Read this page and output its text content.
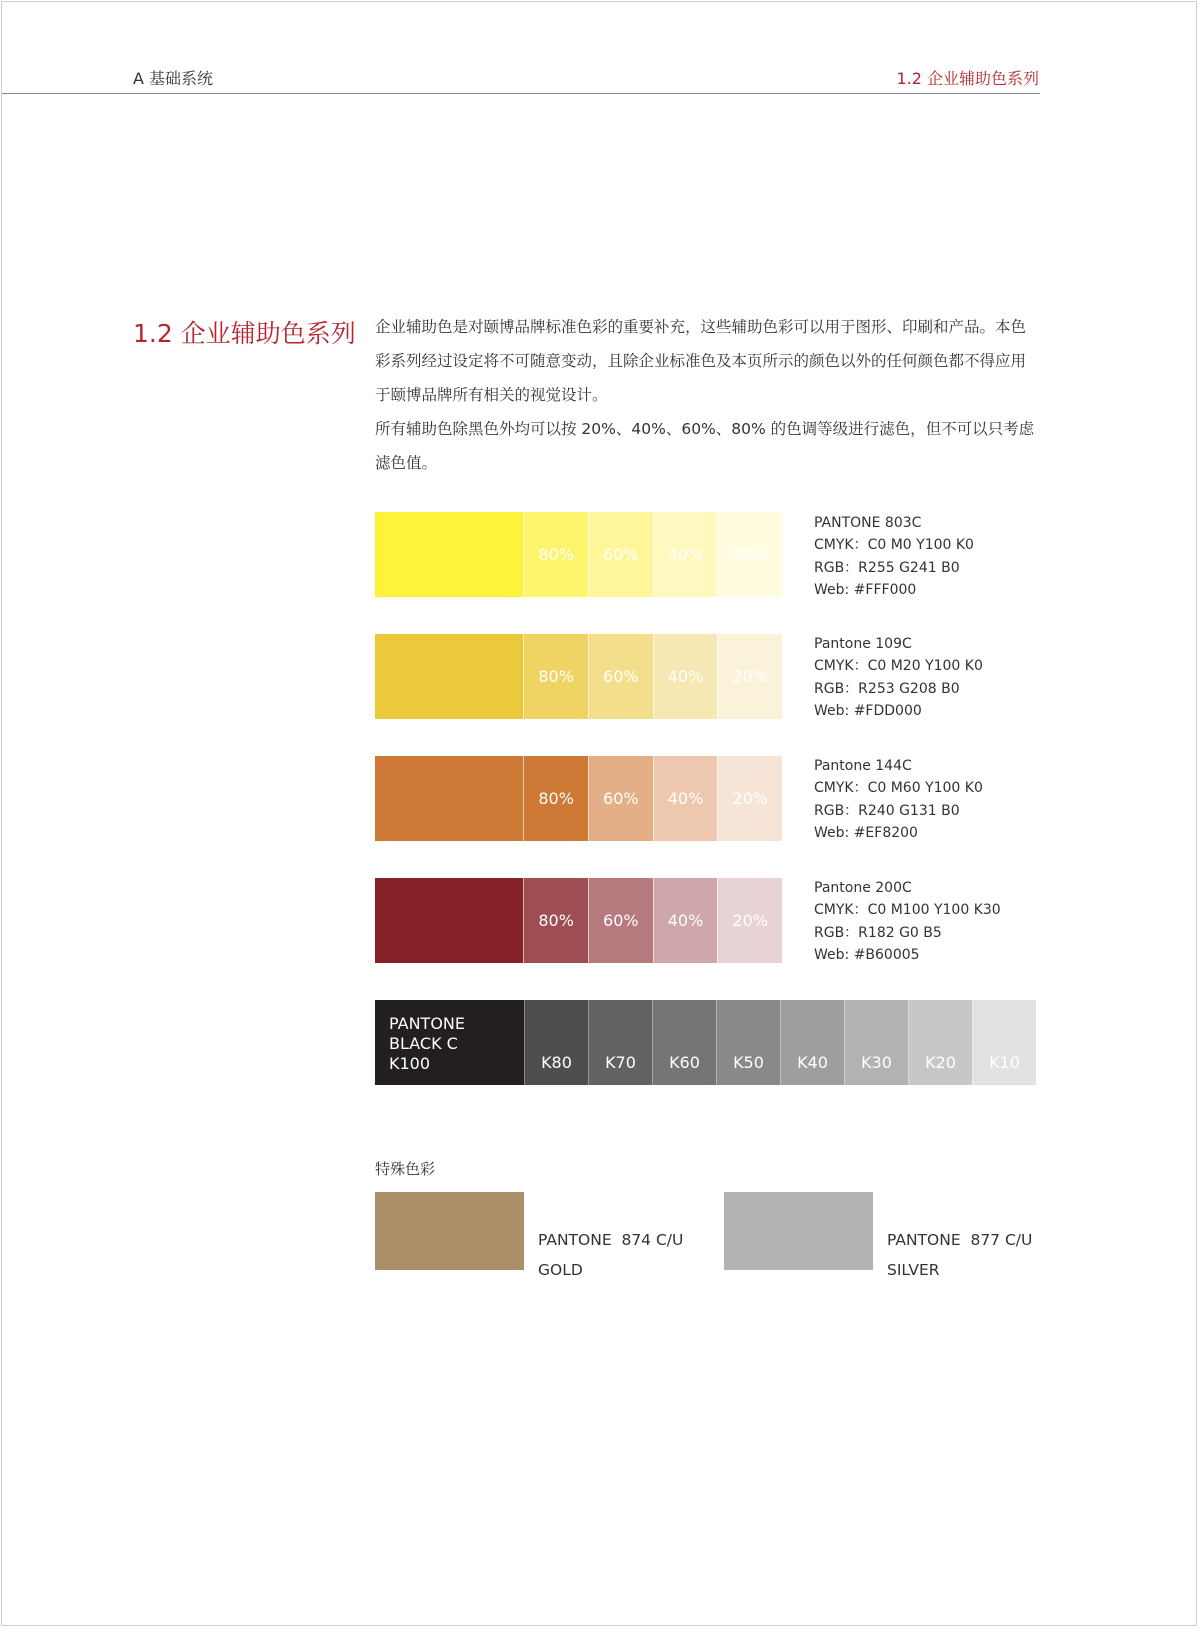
A 基础系统	1.2 企业辅助色系列
1.2 企业辅助色系列 企业辅助色是对颐博品牌标准色彩的重要补充，这些辅助色彩可以用于图形、印刷和产品。本色彩系列经过设定将不可随意变动，且除企业标准色及本页所示的颜色以外的任何颜色都不得应用于颐博品牌所有相关的视觉设计。

所有辅助色除黑色外均可以按 20%、40%、60%、80% 的色调等级进行滤色，但不可以只考虑滤色值。

80%	60%	40%	20%
PANTONE 803C
CMYK：C0 M0 Y100 K0
RGB：R255 G241 B0
Web: #FFF000
80%	60%	40%	20%
Pantone 109C
CMYK：C0 M20 Y100 K0
RGB：R253 G208 B0
Web: #FDD000
80%	60%	40%	20%
Pantone 144C
CMYK：C0 M60 Y100 K0
RGB：R240 G131 B0
Web: #EF8200
80%	60%	40%	20%
Pantone 200C
CMYK：C0 M100 Y100 K30
RGB：R182 G0 B5
Web: #B60005
PANTONE
BLACK C
K100	K80	K70	K60	K50	K40	K30	K20	K10
特殊色彩
PANTONE  874 C/U
GOLD
PANTONE  877 C/U
SILVER
